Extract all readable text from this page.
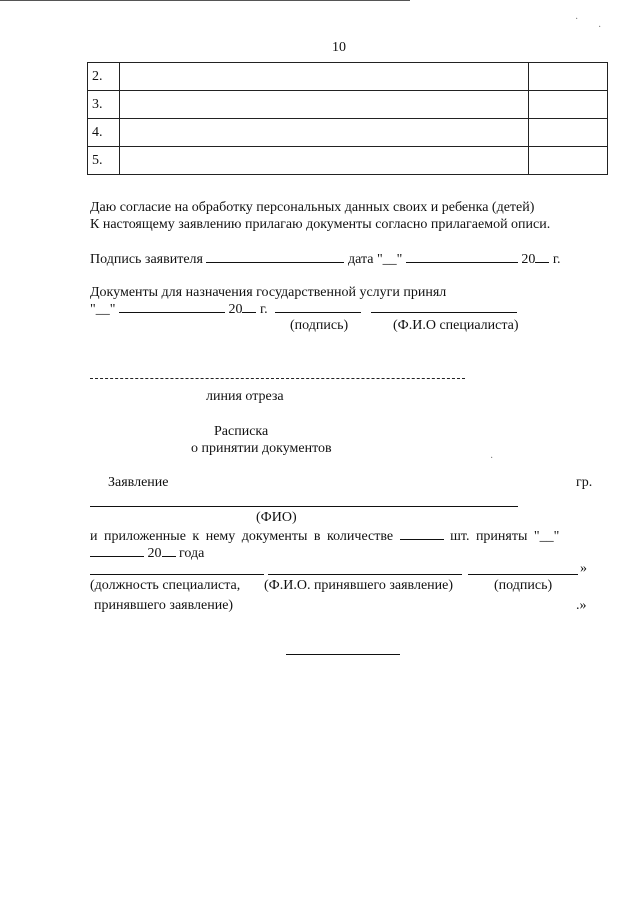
10
2.		
3.		
4.		
5.		
Даю согласие на обработку персональных данных своих и ребенка (детей)
К настоящему заявлению прилагаю документы согласно прилагаемой описи.
Подпись заявителя	дата "__"	20 г.
Документы для назначения государственной услуги принял
"__"	20 г.
(подпись)	(Ф.И.О специалиста)
линия отреза
Расписка
о принятии документов
Заявление	гр.
(ФИО)
и приложенные к нему документы в количестве	шт. приняты "__"
20 года
»
(должность специалиста, (Ф.И.О. принявшего заявление)	(подпись)
принявшего заявление)	.»
·
·
·
